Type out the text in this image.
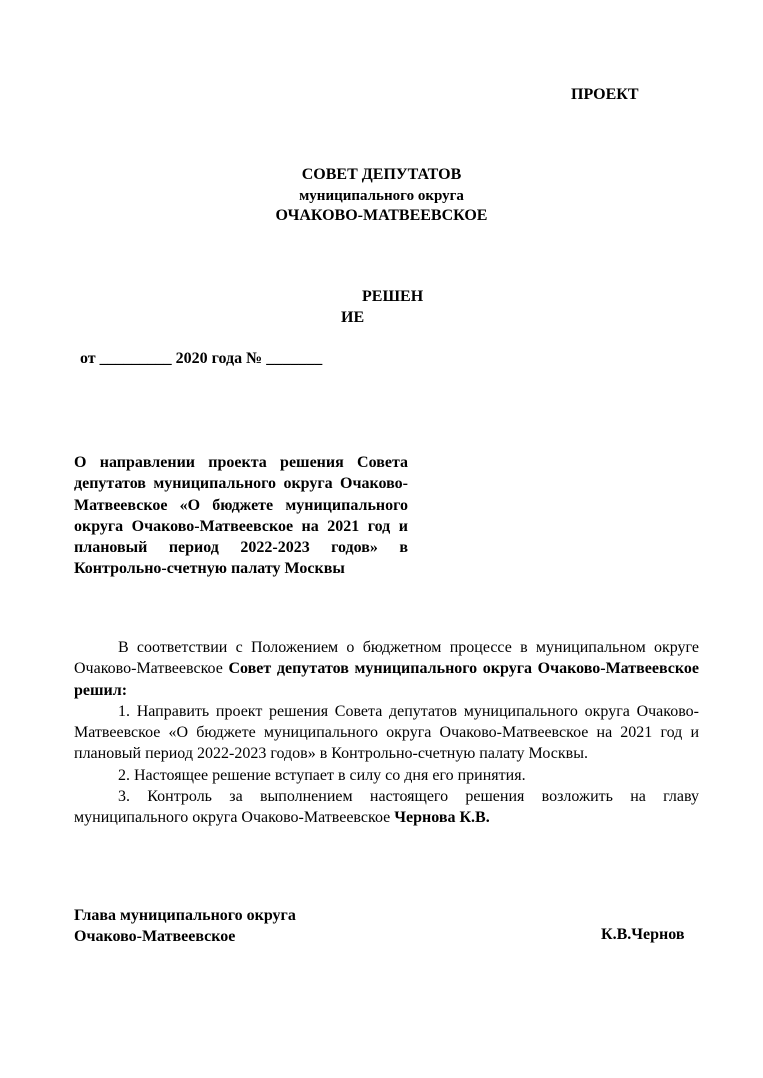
ПРОЕКТ
СОВЕТ ДЕПУТАТОВ
муниципального округа
ОЧАКОВО-МАТВЕЕВСКОЕ
РЕШЕН
ИЕ
от _________ 2020 года № _______
О направлении проекта решения Совета депутатов муниципального округа Очаково-Матвеевское «О бюджете муниципального округа Очаково-Матвеевское на 2021 год и плановый период 2022-2023 годов» в Контрольно-счетную палату Москвы

В соответствии с Положением о бюджетном процессе в муниципальном округе Очаково-Матвеевское Совет депутатов муниципального округа Очаково-Матвеевское решил:

1. Направить проект решения Совета депутатов муниципального округа Очаково-Матвеевское «О бюджете муниципального округа Очаково-Матвеевское на 2021 год и плановый период 2022-2023 годов» в Контрольно-счетную палату Москвы.

2. Настоящее решение вступает в силу со дня его принятия.

3. Контроль за выполнением настоящего решения возложить на главу муниципального округа Очаково-Матвеевское Чернова К.В.

Глава муниципального округа
Очаково-Матвеевское	К.В.Чернов
